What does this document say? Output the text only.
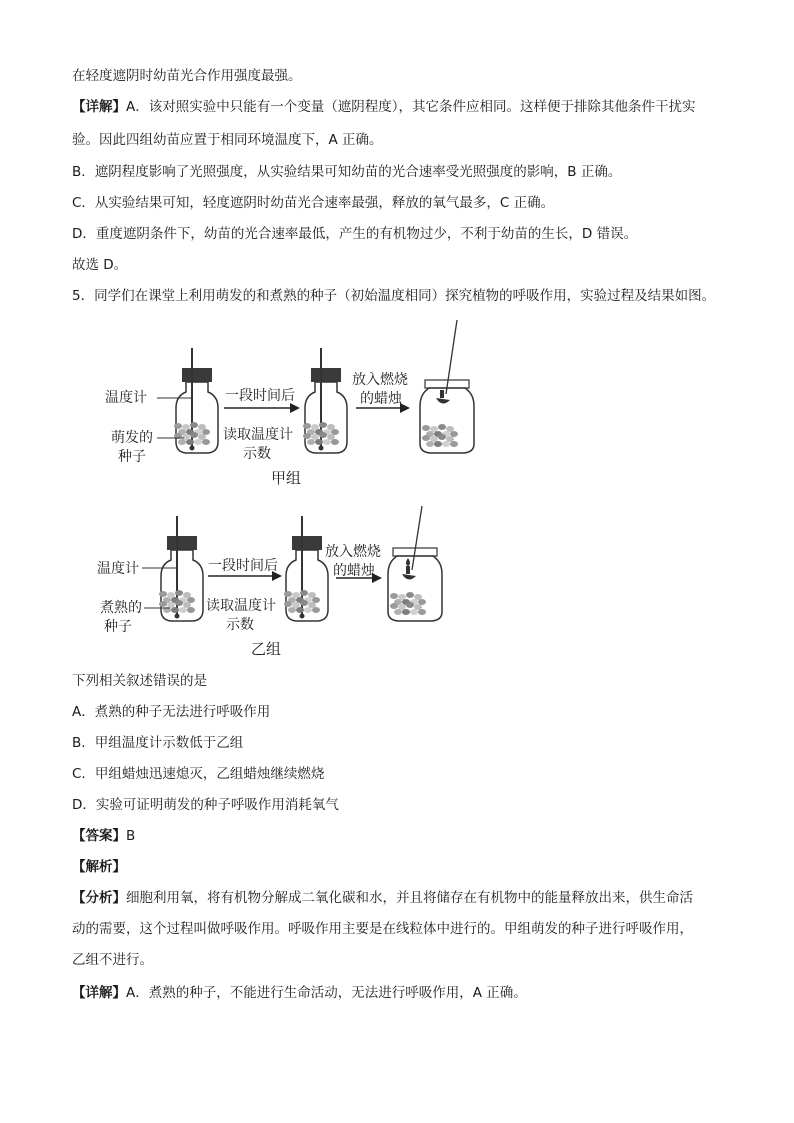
在轻度遮阴时幼苗光合作用强度最强。
【详解】A．该对照实验中只能有一个变量（遮阴程度），其它条件应相同。这样便于排除其他条件干扰实
验。因此四组幼苗应置于相同环境温度下，A 正确。
B．遮阴程度影响了光照强度，从实验结果可知幼苗的光合速率受光照强度的影响，B 正确。
C．从实验结果可知，轻度遮阴时幼苗光合速率最强，释放的氧气最多，C 正确。
D．重度遮阴条件下，幼苗的光合速率最低，产生的有机物过少，不利于幼苗的生长，D 错误。
故选 D。
5．同学们在课堂上利用萌发的和煮熟的种子（初始温度相同）探究植物的呼吸作用，实验过程及结果如图。
温度计
萌发的
种子
一段时间后
读取温度计
示数
放入燃烧
的蜡烛
甲组
温度计
煮熟的
种子
一段时间后
读取温度计
示数
放入燃烧
的蜡烛
乙组
下列相关叙述错误的是
A．煮熟的种子无法进行呼吸作用
B．甲组温度计示数低于乙组
C．甲组蜡烛迅速熄灭，乙组蜡烛继续燃烧
D．实验可证明萌发的种子呼吸作用消耗氧气
【答案】B
【解析】
【分析】细胞利用氧，将有机物分解成二氧化碳和水，并且将储存在有机物中的能量释放出来，供生命活
动的需要，这个过程叫做呼吸作用。呼吸作用主要是在线粒体中进行的。甲组萌发的种子进行呼吸作用，
乙组不进行。
【详解】A．煮熟的种子，不能进行生命活动，无法进行呼吸作用，A 正确。
